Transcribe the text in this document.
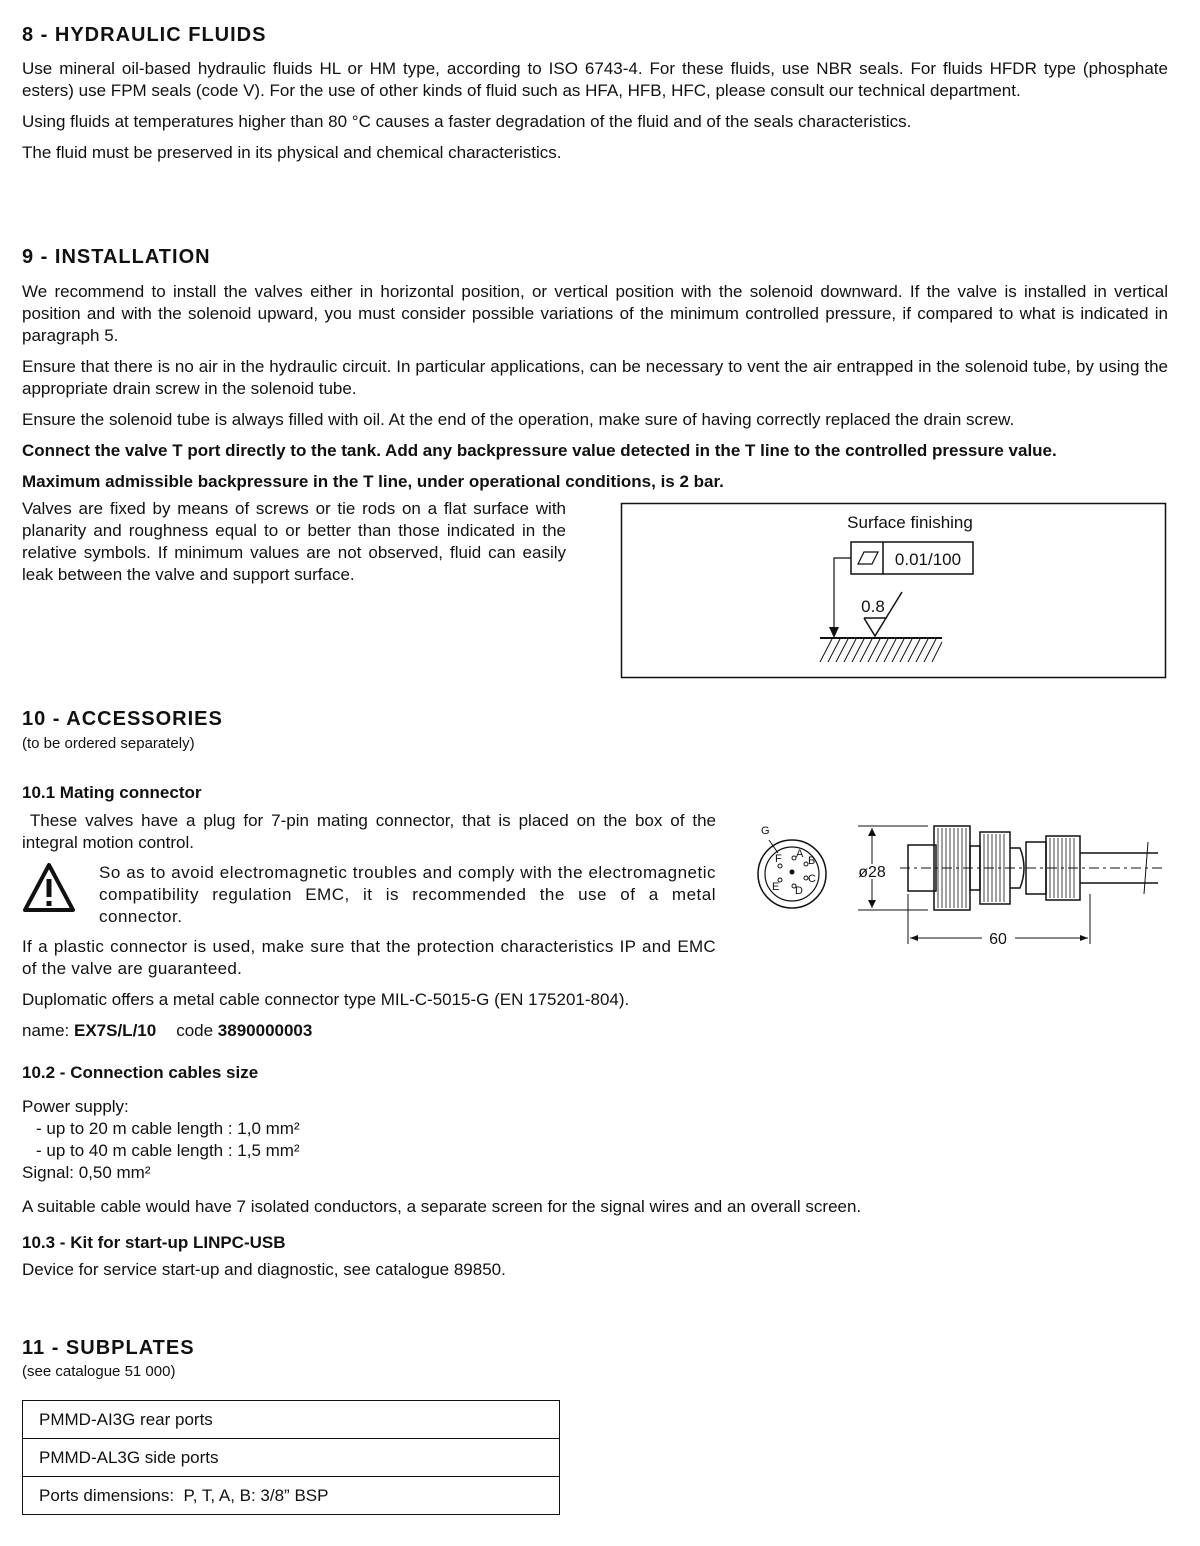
8 - HYDRAULIC FLUIDS

Use mineral oil-based hydraulic fluids HL or HM type, according to ISO 6743-4. For these fluids, use NBR seals. For fluids HFDR type (phosphate esters) use FPM seals (code V). For the use of other kinds of fluid such as HFA, HFB, HFC, please consult our technical department.

Using fluids at temperatures higher than 80 °C causes a faster degradation of the fluid and of the seals characteristics.

The fluid must be preserved in its physical and chemical characteristics.

9 - INSTALLATION

We recommend to install the valves either in horizontal position, or vertical position with the solenoid downward. If the valve is installed in vertical position and with the solenoid upward, you must consider possible variations of the minimum controlled pressure, if compared to what is indicated in paragraph 5.

Ensure that there is no air in the hydraulic circuit. In particular applications, can be necessary to vent the air entrapped in the solenoid tube, by using the appropriate drain screw in the solenoid tube.

Ensure the solenoid tube is always filled with oil. At the end of the operation, make sure of having correctly replaced the drain screw.

Connect the valve T port directly to the tank. Add any backpressure value detected in the T line to the controlled pressure value.

Maximum admissible backpressure in the T line, under operational conditions, is 2 bar.

Valves are fixed by means of screws or tie rods on a flat surface with planarity and roughness equal to or better than those indicated in the relative symbols. If minimum values are not observed, fluid can easily leak between the valve and support surface.
Surface finishing
0.01/100
0.8
10 - ACCESSORIES
(to be ordered separately)
10.1 Mating connector
These valves have a plug for 7-pin mating connector, that is placed on the box of the integral motion control.
So as to avoid electromagnetic troubles and comply with the electromagnetic compatibility regulation EMC, it is recommended the use of a metal connector.

If a plastic connector is used, make sure that the protection characteristics IP and EMC of the valve are guaranteed.

Duplomatic offers a metal cable connector type MIL-C-5015-G (EN 175201-804).

name: EX7S/L/10 code 3890000003

G
A
B
C
D
E
F
ø28
60
10.2 - Connection cables size
Power supply:
- up to 20 m cable length : 1,0 mm²
- up to 40 m cable length : 1,5 mm²
Signal: 0,50 mm²
A suitable cable would have 7 isolated conductors, a separate screen for the signal wires and an overall screen.
10.3 - Kit for start-up LINPC-USB
Device for service start-up and diagnostic, see catalogue 89850.
11 - SUBPLATES
(see catalogue 51 000)
PMMD-AI3G rear ports
PMMD-AL3G side ports
Ports dimensions:  P, T, A, B: 3/8” BSP
